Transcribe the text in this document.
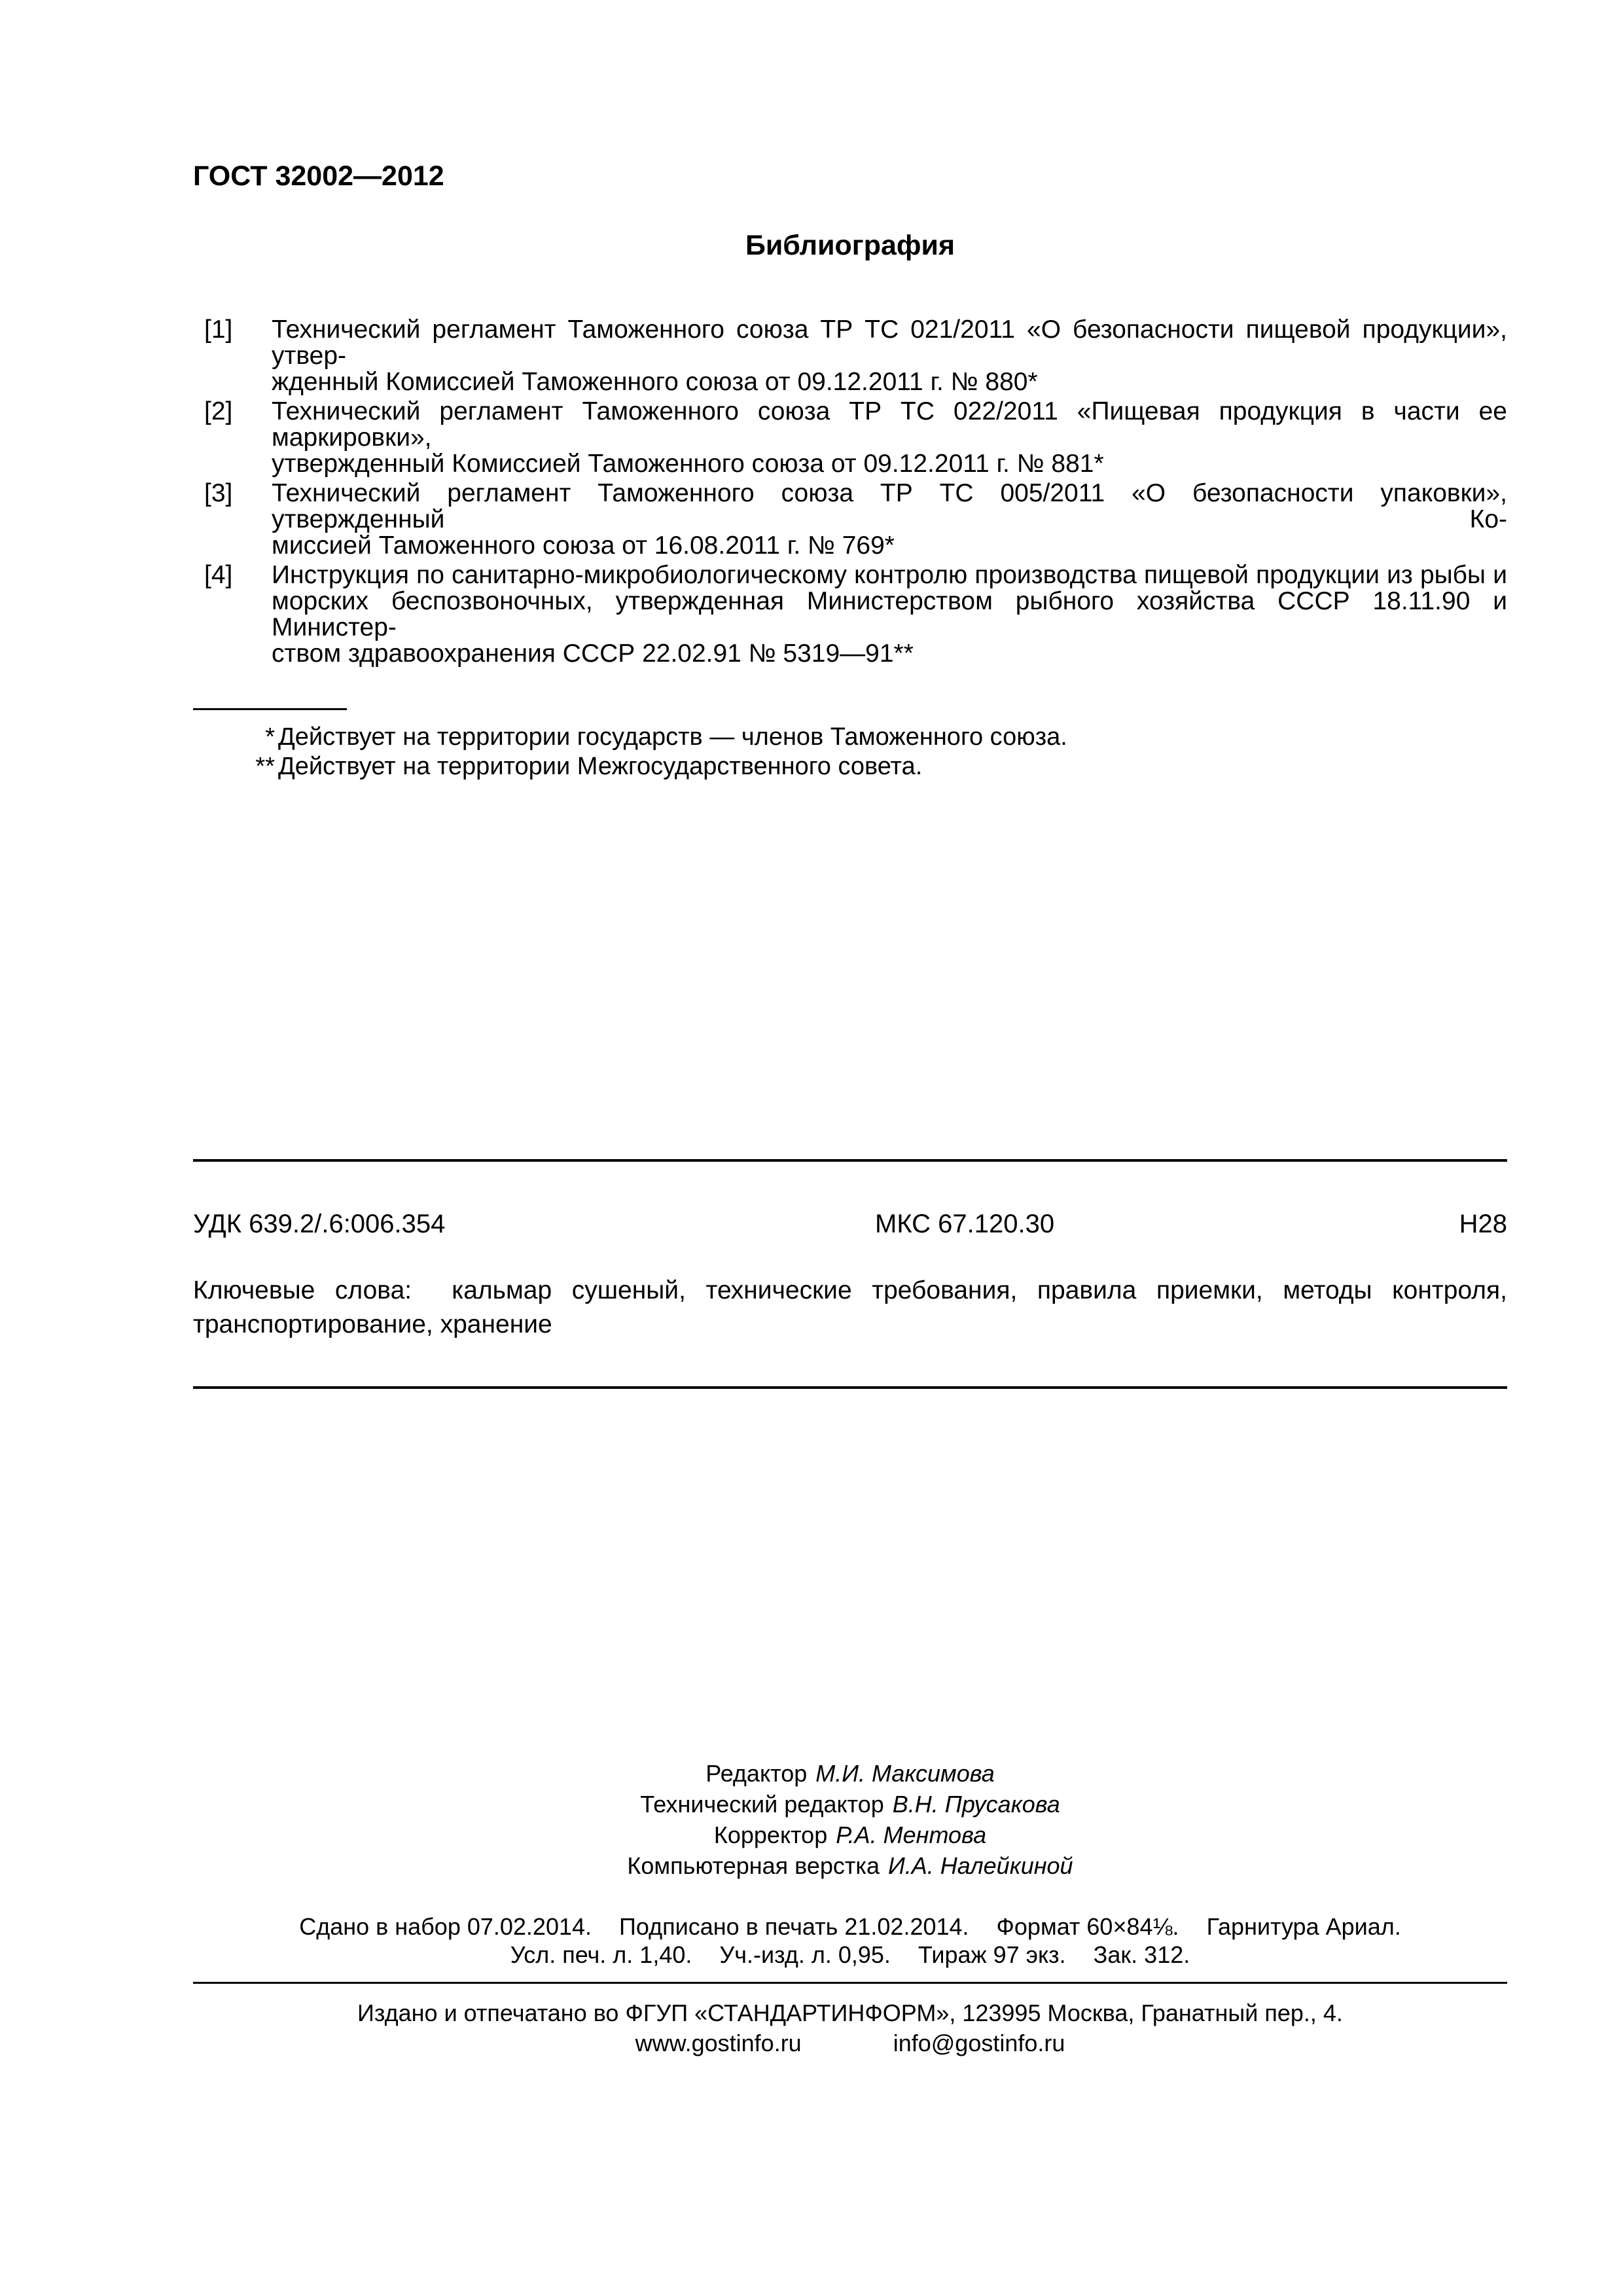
ГОСТ 32002—2012
Библиография
[1] Технический регламент Таможенного союза ТР ТС 021/2011 «О безопасности пищевой продукции», утвер-
жденный Комиссией Таможенного союза от 09.12.2011 г. № 880*
[2] Технический регламент Таможенного союза ТР ТС 022/2011 «Пищевая продукция в части ее маркировки»,
утвержденный Комиссией Таможенного союза от 09.12.2011 г. № 881*
[3] Технический регламент Таможенного союза ТР ТС 005/2011 «О безопасности упаковки», утвержденный Ко-
миссией Таможенного союза от 16.08.2011 г. № 769*
[4] Инструкция по санитарно-микробиологическому контролю производства пищевой продукции из рыбы и
морских беспозвоночных, утвержденная Министерством рыбного хозяйства СССР 18.11.90 и Министер-
ством здравоохранения СССР 22.02.91 № 5319—91**
* Действует на территории государств — членов Таможенного союза.
** Действует на территории Межгосударственного совета.
УДК 639.2/.6:006.354	МКС 67.120.30	Н28
Ключевые слова:  кальмар сушеный, технические требования, правила приемки, методы контроля,
транспортирование, хранение
Редактор М.И. Максимова
Технический редактор В.Н. Прусакова
Корректор Р.А. Ментова
Компьютерная верстка И.А. Налейкиной
Сдано в набор 07.02.2014. Подписано в печать 21.02.2014. Формат 60×84⅛. Гарнитура Ариал.
Усл. печ. л. 1,40. Уч.-изд. л. 0,95. Тираж 97 экз. Зак. 312.
Издано и отпечатано во ФГУП «СТАНДАРТИНФОРМ», 123995 Москва, Гранатный пер., 4.
www.gostinfo.ru	info@gostinfo.ru
